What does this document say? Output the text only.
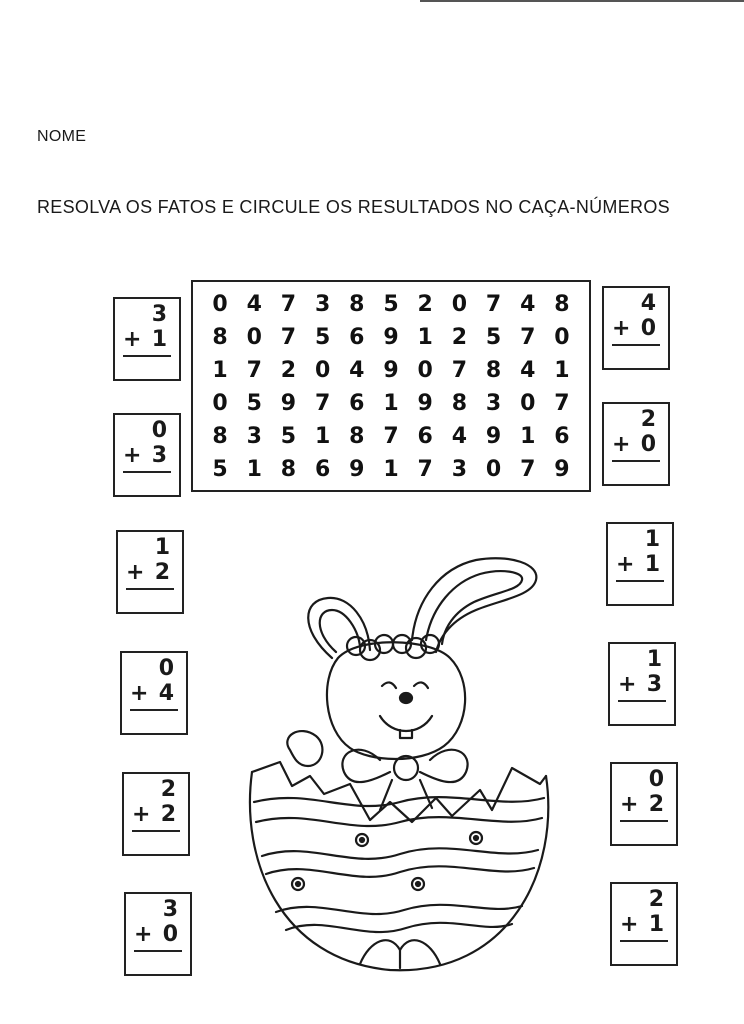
NOME
RESOLVA OS FATOS E CIRCULE OS RESULTADOS NO CAÇA-NÚMEROS
0 4 7 3 8 5 2 0 7 4 8
8 0 7 5 6 9 1 2 5 7 0
1 7 2 0 4 9 0 7 8 4 1
0 5 9 7 6 1 9 8 3 0 7
8 3 5 1 8 7 6 4 9 1 6
5 1 8 6 9 1 7 3 0 7 9
3
+ 1
0
+ 3
1
+ 2
0
+ 4
2
+ 2
3
+ 0
4
+ 0
2
+ 0
1
+ 1
1
+ 3
0
+ 2
2
+ 1
